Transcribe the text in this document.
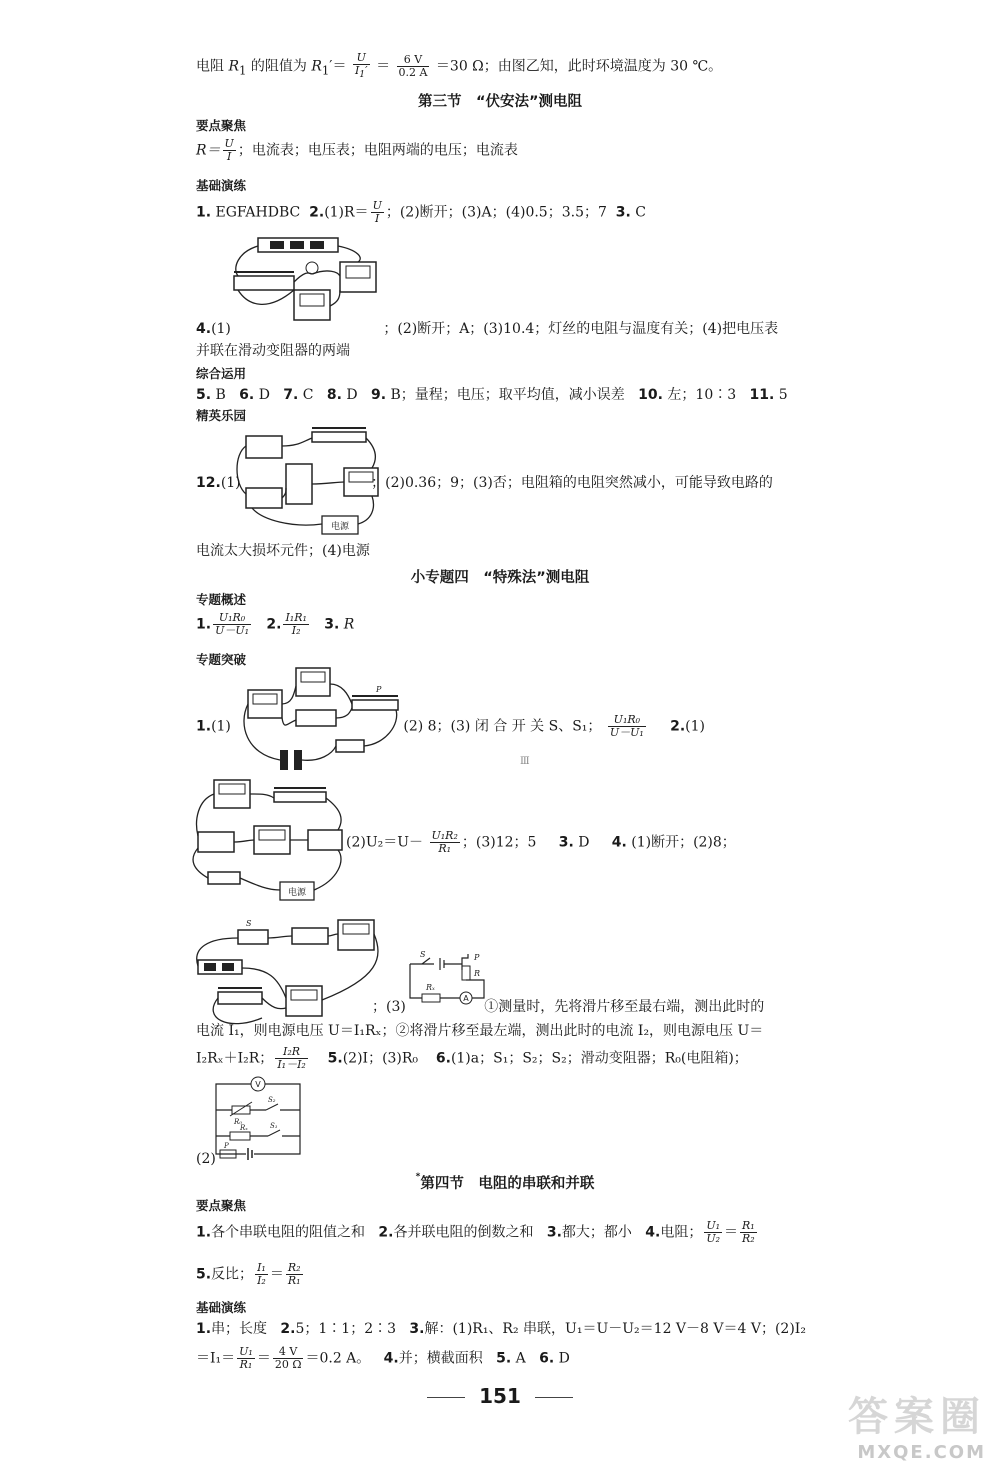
电阻 $R_1$ 的阻值为 $R_1'= \frac{U}{I_1'} = \frac{6 V}{0.2 A} =30$ Ω；由图乙知，此时环境温度为 30 ℃。
第三节　“伏安法”测电阻
要点聚焦
$R= \frac{U}{I}$ ；电流表；电压表；电阻两端的电压；电流表
基础演练
1. EGFAHDBC $2.(1)R= \frac{U}{I}$ ；(2)断开；(3)A；(4)0.5；3.5；7 3. C
4.(1)	；(2)断开；A；(3)10.4；灯丝的电阻与温度有关；(4)把电压表
并联在滑动变阻器的两端
综合运用
5. B 6. D 7. C 8. D 9. B；量程；电压；取平均值，减小误差 10. 左；10∶3 11. 5
精英乐园
电源
12.(1)	；(2)0.36；9；(3)否；电阻箱的电阻突然减小，可能导致电路的
电流太大损坏元件；(4)电源
小专题四　“特殊法”测电阻
专题概述
1. $\frac{\text{U₁R₀}}{\text{U－U₁}} 2$. $\frac{\text{I₁R₁}}{\text{I₂}} 3$. R
专题突破
P
1.(1)	(2) 8；(3) 闭 合 开 关 S、S₁； $\frac{\text{U₁R₀}}{\text{U－U₁}} 2.(1)$
Ⅲ
电源
$(2)U_2=U- \frac{\text{U₁R₂}}{\text{R₁}}$ ；(3)12；5 3. D 4. (1)断开；(2)8；
S
S	P
R
Rₓ
A
；(3)	①测量时，先将滑片移至最右端，测出此时的
电流 I₁，则电源电压 U＝I₁Rₓ；②将滑片移至最左端，测出此时的电流 I₂，则电源电压 U＝
I₂Rₓ＋I₂R； $\frac{\text{I₂R}}{\text{I₁－I₂}} 5.(2)I$；(3)R₀ 6.(1)a；S₁；S₂；S₂；滑动变阻器；R₀(电阻箱)；
V
R₀
S₂
Rₓ	S₁
P
(2)
*第四节　电阻的串联和并联
要点聚焦
1.各个串联电阻的阻值之和 2.各并联电阻的倒数之和 3.都大；都小 4.电阻； $\frac{\text{U₁}}{\text{U₂}} = \frac{\text{R₁}}{\text{R₂}}$
5.反比； $\frac{\text{I₁}}{\text{I₂}} = \frac{\text{R₂}}{\text{R₁}}$
基础演练
1.串；长度 2.5；1∶1；2∶3 3.解：(1)R₁、R₂ 串联，U₁＝U－U₂＝12 V－8 V＝4 V；(2)I₂
$=I_1= \frac{\text{U₁}}{\text{R₁}} = \frac{4 V}{20 \Omega} =0.2$ A。 4.并；横截面积 5. A 6. D
151	答案圈
MXQE.COM
